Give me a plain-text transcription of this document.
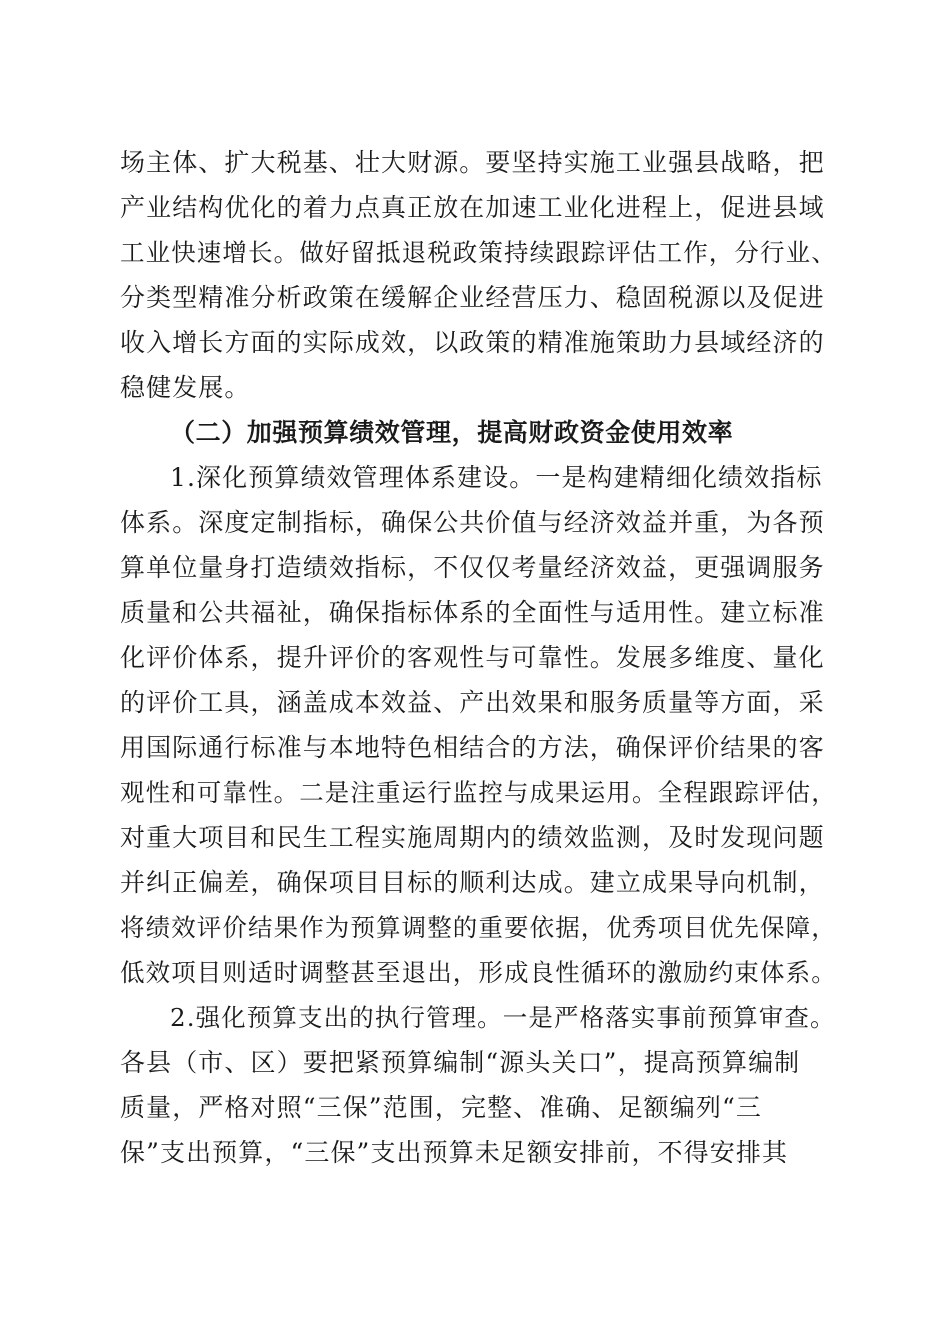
场主体、扩大税基、壮大财源。要坚持实施工业强县战略，把
产业结构优化的着力点真正放在加速工业化进程上，促进县域
工业快速增长。做好留抵退税政策持续跟踪评估工作，分行业、
分类型精准分析政策在缓解企业经营压力、稳固税源以及促进
收入增长方面的实际成效，以政策的精准施策助力县域经济的
稳健发展。
（二）加强预算绩效管理，提高财政资金使用效率
1.深化预算绩效管理体系建设。一是构建精细化绩效指标
体系。深度定制指标，确保公共价值与经济效益并重，为各预
算单位量身打造绩效指标，不仅仅考量经济效益，更强调服务
质量和公共福祉，确保指标体系的全面性与适用性。建立标准
化评价体系，提升评价的客观性与可靠性。发展多维度、量化
的评价工具，涵盖成本效益、产出效果和服务质量等方面，采
用国际通行标准与本地特色相结合的方法，确保评价结果的客
观性和可靠性。二是注重运行监控与成果运用。全程跟踪评估，
对重大项目和民生工程实施周期内的绩效监测，及时发现问题
并纠正偏差，确保项目目标的顺利达成。建立成果导向机制，
将绩效评价结果作为预算调整的重要依据，优秀项目优先保障，
低效项目则适时调整甚至退出，形成良性循环的激励约束体系。
2.强化预算支出的执行管理。一是严格落实事前预算审查。
各县（市、区）要把紧预算编制“源头关口”，提高预算编制
质量，严格对照“三保”范围，完整、准确、足额编列“三
保”支出预算，“三保”支出预算未足额安排前，不得安排其
